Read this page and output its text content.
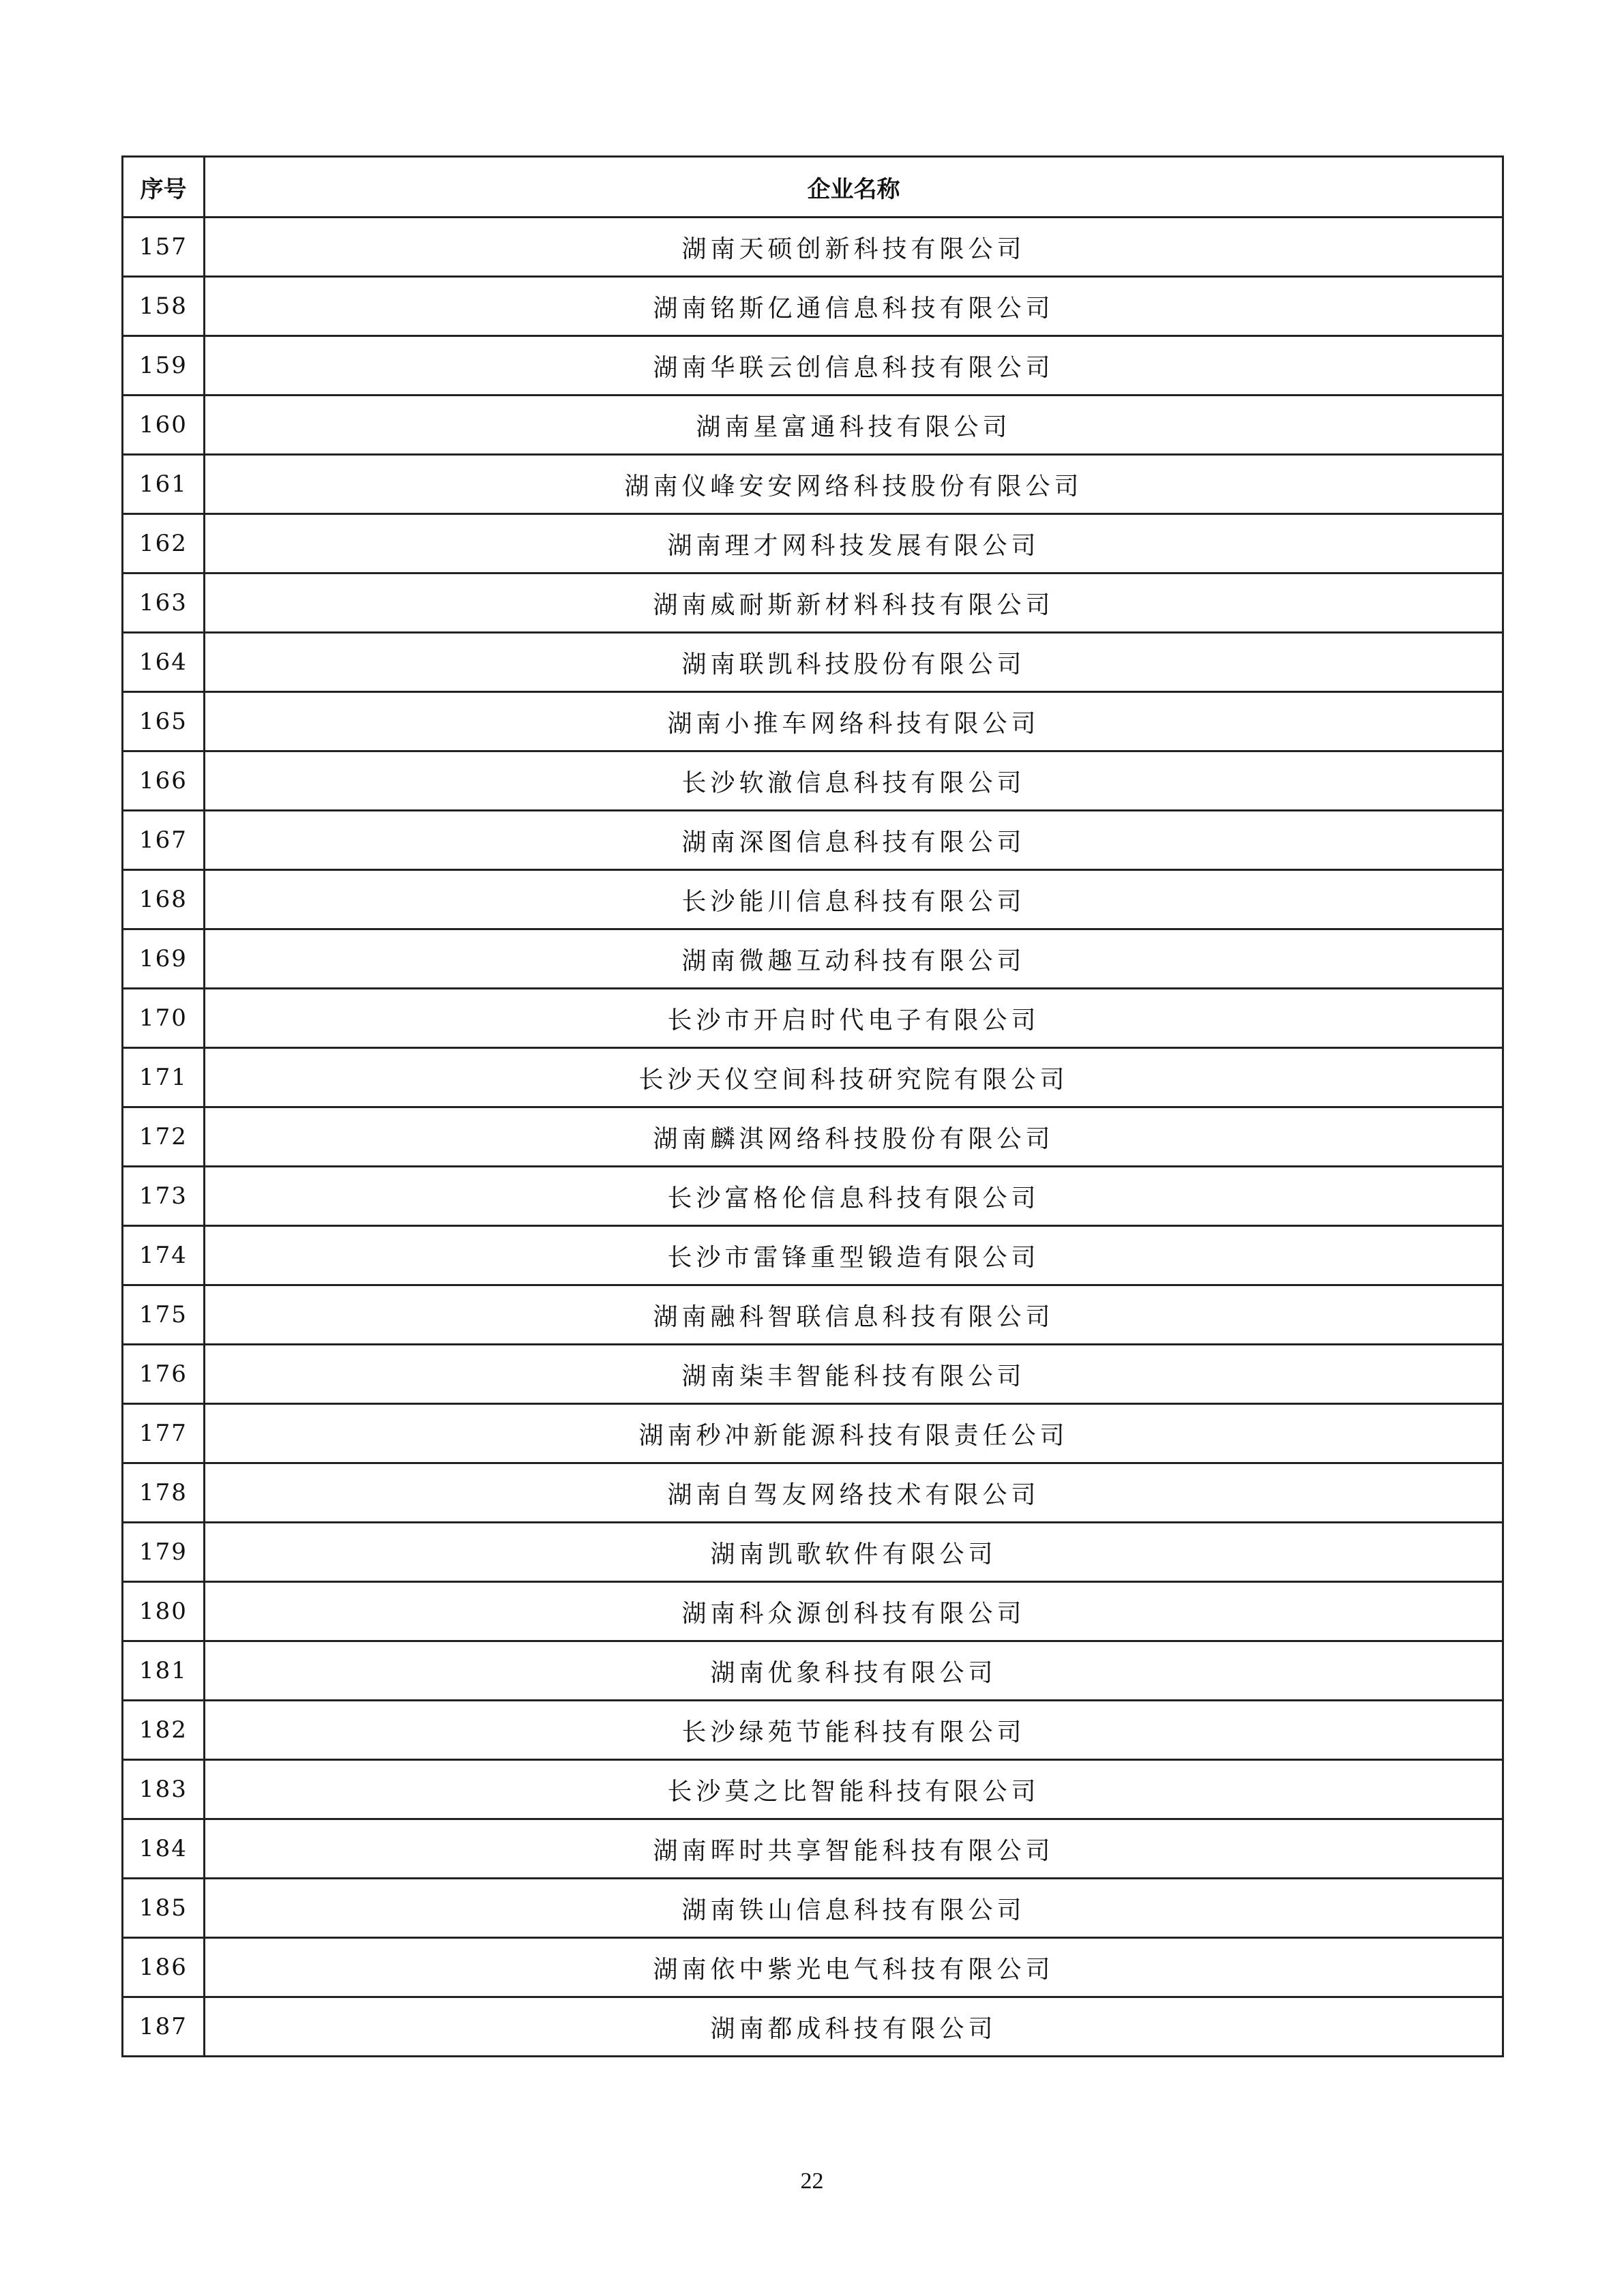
序号	企业名称
157	湖南天硕创新科技有限公司
158	湖南铭斯亿通信息科技有限公司
159	湖南华联云创信息科技有限公司
160	湖南星富通科技有限公司
161	湖南仪峰安安网络科技股份有限公司
162	湖南理才网科技发展有限公司
163	湖南威耐斯新材料科技有限公司
164	湖南联凯科技股份有限公司
165	湖南小推车网络科技有限公司
166	长沙软澈信息科技有限公司
167	湖南深图信息科技有限公司
168	长沙能川信息科技有限公司
169	湖南微趣互动科技有限公司
170	长沙市开启时代电子有限公司
171	长沙天仪空间科技研究院有限公司
172	湖南麟淇网络科技股份有限公司
173	长沙富格伦信息科技有限公司
174	长沙市雷锋重型锻造有限公司
175	湖南融科智联信息科技有限公司
176	湖南柒丰智能科技有限公司
177	湖南秒冲新能源科技有限责任公司
178	湖南自驾友网络技术有限公司
179	湖南凯歌软件有限公司
180	湖南科众源创科技有限公司
181	湖南优象科技有限公司
182	长沙绿苑节能科技有限公司
183	长沙莫之比智能科技有限公司
184	湖南晖时共享智能科技有限公司
185	湖南铁山信息科技有限公司
186	湖南依中紫光电气科技有限公司
187	湖南都成科技有限公司
22
